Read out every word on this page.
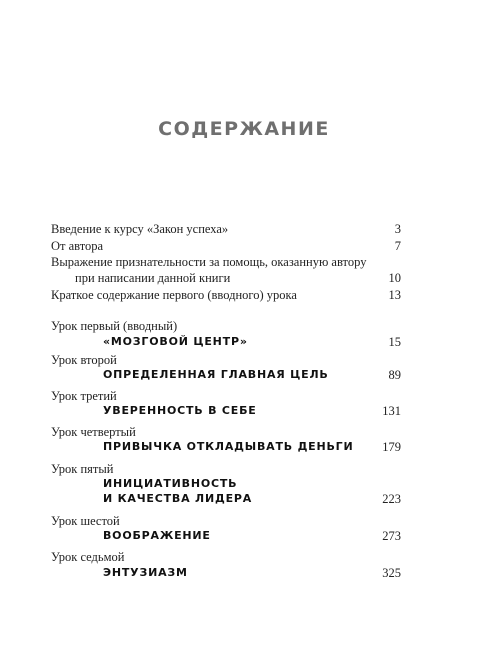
СОДЕРЖАНИЕ
Введение к курсу «Закон успеха»	3
От автора	7
Выражение признательности за помощь, оказанную автору
при написании данной книги	10
Краткое содержание первого (вводного) урока	13
Урок первый (вводный)
«МОЗГОВОЙ ЦЕНТР»	15
Урок второй
ОПРЕДЕЛЕННАЯ ГЛАВНАЯ ЦЕЛЬ	89
Урок третий
УВЕРЕННОСТЬ В СЕБЕ	131
Урок четвертый
ПРИВЫЧКА ОТКЛАДЫВАТЬ ДЕНЬГИ 179
Урок пятый
ИНИЦИАТИВНОСТЬ
И КАЧЕСТВА ЛИДЕРА	223
Урок шестой
ВООБРАЖЕНИЕ	273
Урок седьмой
ЭНТУЗИАЗМ	325
